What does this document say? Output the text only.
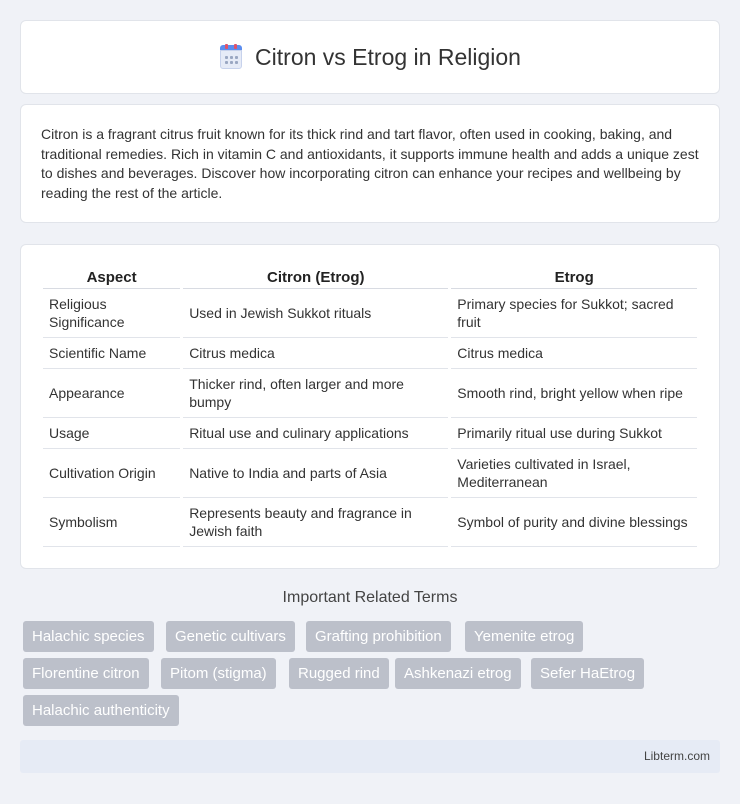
Citron vs Etrog in Religion

Citron is a fragrant citrus fruit known for its thick rind and tart flavor, often used in cooking, baking, and traditional remedies. Rich in vitamin C and antioxidants, it supports immune health and adds a unique zest to dishes and beverages. Discover how incorporating citron can enhance your recipes and wellbeing by reading the rest of the article.

Aspect	Citron (Etrog)	Etrog
Religious Significance	Used in Jewish Sukkot rituals	Primary species for Sukkot; sacred fruit
Scientific Name	Citrus medica	Citrus medica
Appearance	Thicker rind, often larger and more bumpy	Smooth rind, bright yellow when ripe
Usage	Ritual use and culinary applications	Primarily ritual use during Sukkot
Cultivation Origin	Native to India and parts of Asia	Varieties cultivated in Israel, Mediterranean
Symbolism	Represents beauty and fragrance in Jewish faith	Symbol of purity and divine blessings
Important Related Terms
Halachic species	Genetic cultivars	Grafting prohibition	Yemenite etrog
Florentine citron	Pitom (stigma)	Rugged rind	Ashkenazi etrog	Sefer HaEtrog
Halachic authenticity
Libterm.com
